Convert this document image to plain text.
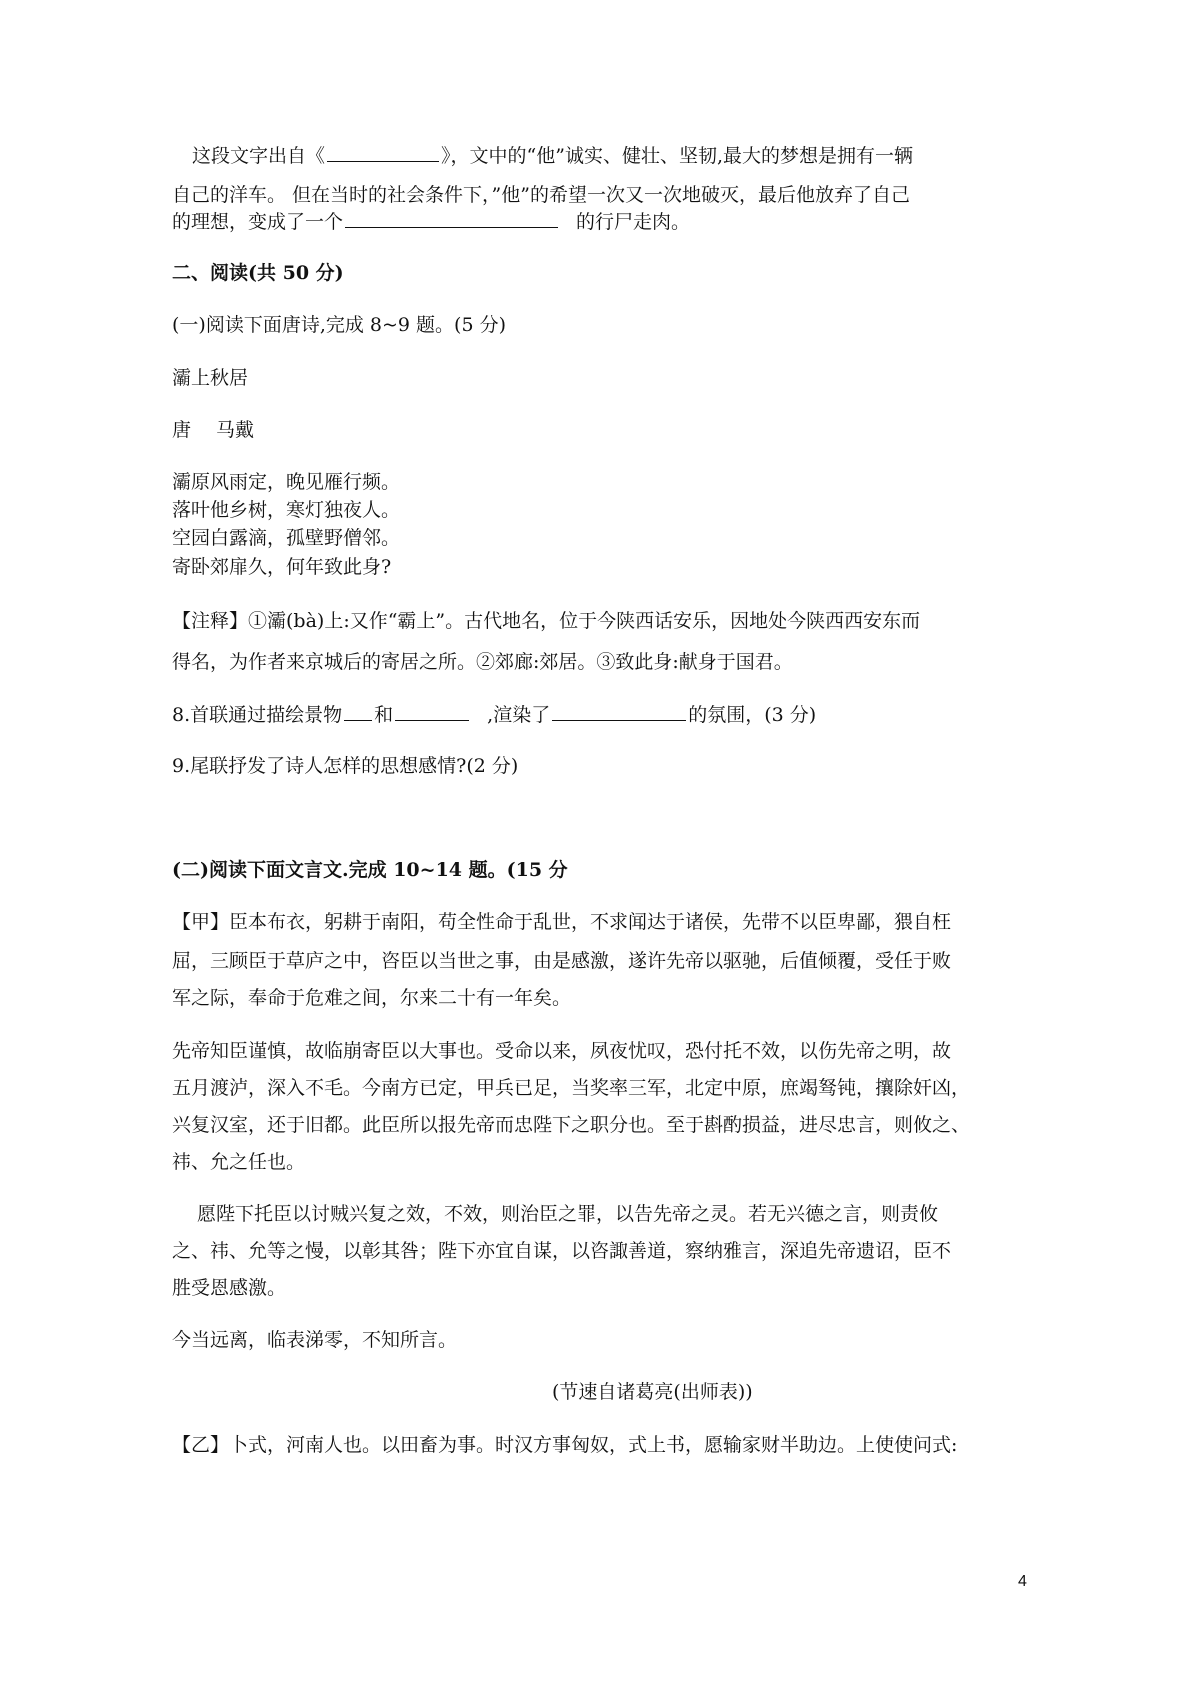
这段文字出自《	》，文中的“他”诚实、健壮、坚韧,最大的梦想是拥有一辆
自己的洋车。 但在当时的社会条件下，”他”的希望一次又一次地破灭，最后他放弃了自己
的理想，变成了一个	的行尸走肉。
二、阅读(共 50 分)
(一)阅读下面唐诗,完成 8~9 题。(5 分)
灞上秋居
唐　 马戴
灞原风雨定，晚见雁行频。
落叶他乡树，寒灯独夜人。
空园白露滴，孤壁野僧邻。
寄卧郊扉久，何年致此身?
【注释】①灞(bà)上:又作“霸上”。古代地名，位于今陕西话安乐，因地处今陕西西安东而
得名，为作者来京城后的寄居之所。②郊廊:郊居。③致此身:献身于国君。
8.首联通过描绘景物 和	,渲染了	的氛围，(3 分)
9.尾联抒发了诗人怎样的思想感情?(2 分)
(二)阅读下面文言文.完成 10~14 题。(15 分
【甲】臣本布衣，躬耕于南阳，苟全性命于乱世，不求闻达于诸侯，先带不以臣卑鄙，猥自枉
屈，三顾臣于草庐之中，咨臣以当世之事，由是感激，遂许先帝以驱驰，后值倾覆，受任于败
军之际，奉命于危难之间，尔来二十有一年矣。
先帝知臣谨慎，故临崩寄臣以大事也。受命以来，夙夜忧叹，恐付托不效，以伤先帝之明，故
五月渡泸，深入不毛。今南方已定，甲兵已足，当奖率三军，北定中原，庶竭驽钝，攘除奸凶，
兴复汉室，还于旧都。此臣所以报先帝而忠陛下之职分也。至于斟酌损益，进尽忠言，则攸之、
祎、允之任也。
愿陛下托臣以讨贼兴复之效，不效，则治臣之罪，以告先帝之灵。若无兴德之言，则责攸
之、祎、允等之慢，以彰其咎；陛下亦宜自谋，以咨諏善道，察纳雅言，深追先帝遗诏，臣不
胜受恩感激。
今当远离，临表涕零，不知所言。
(节速自诸葛亮(出师表))
【乙】卜式，河南人也。以田畜为事。时汉方事匈奴，式上书，愿输家财半助边。上使使问式:
4
